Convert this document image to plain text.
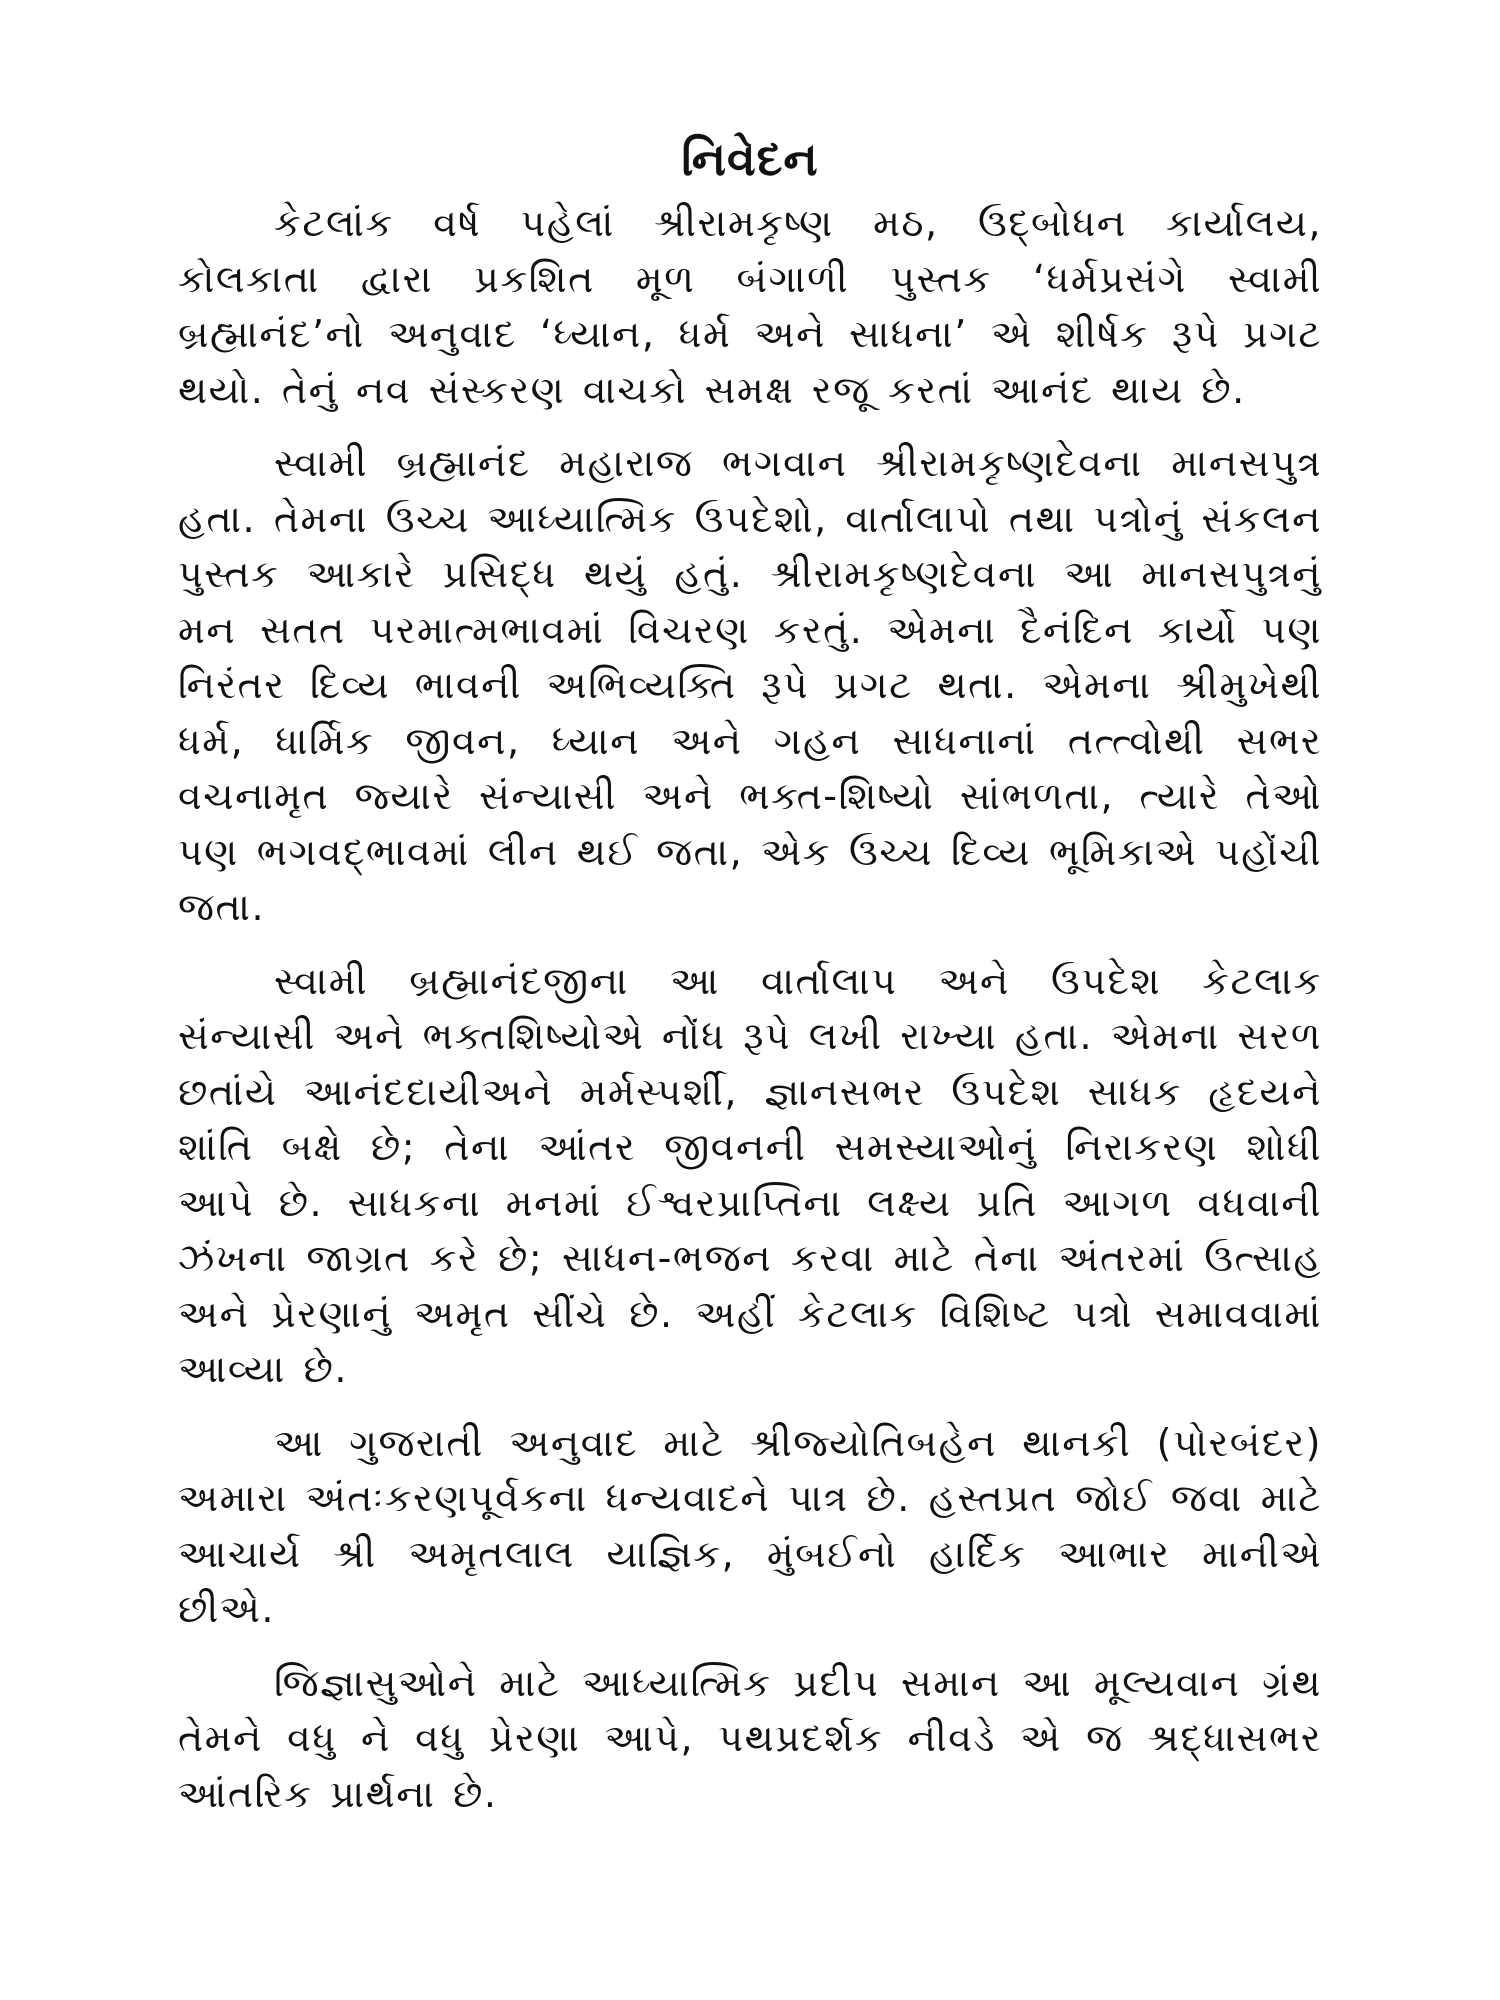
નિવેદન

કેટલાંક વર્ષ પહેલાં શ્રીરામકૃષ્ણ મઠ, ઉદ્બોધન કાર્યાલય, કોલકાતા દ્વારા પ્રકશિત મૂળ બંગાળી પુસ્તક ‘ધર્મપ્રસંગે સ્વામી બ્રહ્માનંદ’નો અનુવાદ ‘ધ્યાન, ધર્મ અને સાધના’ એ શીર્ષક રૂપે પ્રગટ થયો. તેનું નવ સંસ્કરણ વાચકો સમક્ષ રજૂ કરતાં આનંદ થાય છે.

સ્વામી બ્રહ્માનંદ મહારાજ ભગવાન શ્રીરામકૃષ્ણદેવના માનસપુત્ર હતા. તેમના ઉચ્ચ આધ્યાત્મિક ઉપદેશો, વાર્તાલાપો તથા પત્રોનું સંકલન પુસ્તક આકારે પ્રસિદ્ધ થયું હતું. શ્રીરામકૃષ્ણદેવના આ માનસપુત્રનું મન સતત પરમાત્મભાવમાં વિચરણ કરતું. એમના દૈનંદિન કાર્યો પણ નિરંતર દિવ્ય ભાવની અભિવ્યક્તિ રૂપે પ્રગટ થતા. એમના શ્રીમુખેથી ધર્મ, ધાર્મિક જીવન, ધ્યાન અને ગહન સાધનાનાં તત્ત્વોથી સભર વચનામૃત જ્યારે સંન્યાસી અને ભક્ત-શિષ્યો સાંભળતા, ત્યારે તેઓ પણ ભગવદ્ભાવમાં લીન થઈ જતા, એક ઉચ્ચ દિવ્ય ભૂમિકાએ પહોંચી જતા.

સ્વામી બ્રહ્માનંદજીના આ વાર્તાલાપ અને ઉપદેશ કેટલાક સંન્યાસી અને ભક્તશિષ્યોએ નોંધ રૂપે લખી રાખ્યા હતા. એમના સરળ છતાંયે આનંદદાયીઅને મર્મસ્પર્શી, જ્ઞાનસભર ઉપદેશ સાધક હૃદયને શાંતિ બક્ષે છે; તેના આંતર જીવનની સમસ્યાઓનું નિરાકરણ શોધી આપે છે. સાધકના મનમાં ઈશ્વરપ્રાપ્તિના લક્ષ્ય પ્રતિ આગળ વધવાની ઝંખના જાગ્રત કરે છે; સાધન-ભજન કરવા માટે તેના અંતરમાં ઉત્સાહ અને પ્રેરણાનું અમૃત સીંચે છે. અહીં કેટલાક વિશિષ્ટ પત્રો સમાવવામાં આવ્યા છે.

આ ગુજરાતી અનુવાદ માટે શ્રીજ્યોતિબહેન થાનકી (પોરબંદર) અમારા અંતઃકરણપૂર્વકના ધન્યવાદને પાત્ર છે. હસ્તપ્રત જોઈ જવા માટે આચાર્ય શ્રી અમૃતલાલ યાજ્ઞિક, મુંબઈનો હાર્દિક આભાર માનીએ છીએ.

જિજ્ઞાસુઓને માટે આધ્યાત્મિક પ્રદીપ સમાન આ મૂલ્યવાન ગ્રંથ તેમને વધુ ને વધુ પ્રેરણા આપે, પથપ્રદર્શક નીવડે એ જ શ્રદ્ધાસભર આંતરિક પ્રાર્થના છે.
